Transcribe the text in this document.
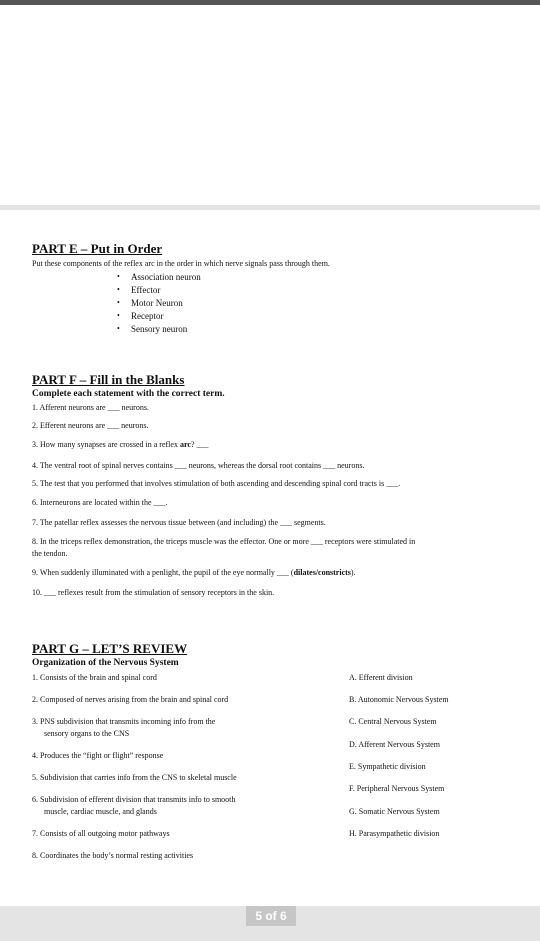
PART E – Put in Order
Put these components of the reflex arc in the order in which nerve signals pass through them.
• Association neuron
• Effector
• Motor Neuron
• Receptor
• Sensory neuron
PART F – Fill in the Blanks
Complete each statement with the correct term.
1. Afferent neurons are ___ neurons.
2. Efferent neurons are ___ neurons.
3. How many synapses are crossed in a reflex arc? ___
4. The ventral root of spinal nerves contains ___ neurons, whereas the dorsal root contains ___ neurons.
5. The test that you performed that involves stimulation of both ascending and descending spinal cord tracts is ___.
6. Interneurons are located within the ___.
7. The patellar reflex assesses the nervous tissue between (and including) the ___ segments.
8. In the triceps reflex demonstration, the triceps muscle was the effector. One or more ___ receptors were stimulated in
the tendon.
9. When suddenly illuminated with a penlight, the pupil of the eye normally ___ (dilates/constricts).
10. ___ reflexes result from the stimulation of sensory receptors in the skin.
PART G – LET’S REVIEW
Organization of the Nervous System
1. Consists of the brain and spinal cord
2. Composed of nerves arising from the brain and spinal cord
3. PNS subdivision that transmits incoming info from the
sensory organs to the CNS
4. Produces the “fight or flight” response
5. Subdivision that carries info from the CNS to skeletal muscle
6. Subdivision of efferent division that transmits info to smooth
muscle, cardiac muscle, and glands
7. Consists of all outgoing motor pathways
8. Coordinates the body’s normal resting activities
A. Efferent division
B. Autonomic Nervous System
C. Central Nervous System
D. Afferent Nervous System
E. Sympathetic division
F. Peripheral Nervous System
G. Somatic Nervous System
H. Parasympathetic division
5 of 6
